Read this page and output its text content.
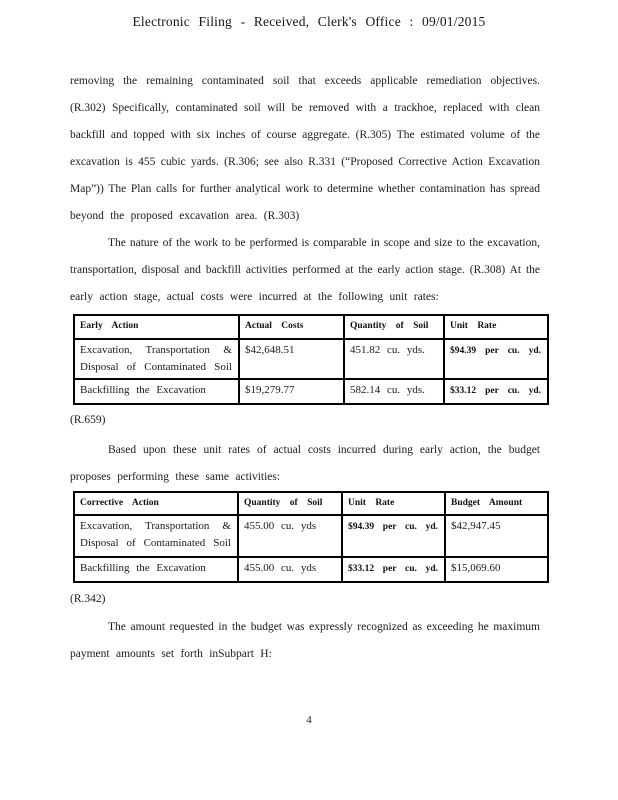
Electronic Filing - Received, Clerk's Office : 09/01/2015
removing the remaining contaminated soil that exceeds applicable remediation objectives.
(R.302) Specifically, contaminated soil will be removed with a trackhoe, replaced with clean
backfill and topped with six inches of course aggregate. (R.305) The estimated volume of the
excavation is 455 cubic yards. (R.306; see also R.331 (“Proposed Corrective Action Excavation
Map”)) The Plan calls for further analytical work to determine whether contamination has spread
beyond the proposed excavation area. (R.303)
The nature of the work to be performed is comparable in scope and size to the excavation,
transportation, disposal and backfill activities performed at the early action stage. (R.308) At the
early action stage, actual costs were incurred at the following unit rates:
Early Action	Actual Costs	Quantity of Soil	Unit Rate

Excavation, Transportation &
Disposal of Contaminated Soil	$42,648.51	451.82 cu. yds.	$94.39 per cu. yd.

Backfilling the Excavation	$19,279.77	582.14 cu. yds.	$33.12 per cu. yd.
(R.659)
Based upon these unit rates of actual costs incurred during early action, the budget
proposes performing these same activities:
Corrective Action	Quantity of Soil	Unit Rate	Budget Amount

Excavation, Transportation &
Disposal of Contaminated Soil	455.00 cu. yds	$94.39 per cu. yd.	$42,947.45

Backfilling the Excavation	455.00 cu. yds	$33.12 per cu. yd.	$15,069.60
(R.342)
The amount requested in the budget was expressly recognized as exceeding he maximum
payment amounts set forth inSubpart H:
4
